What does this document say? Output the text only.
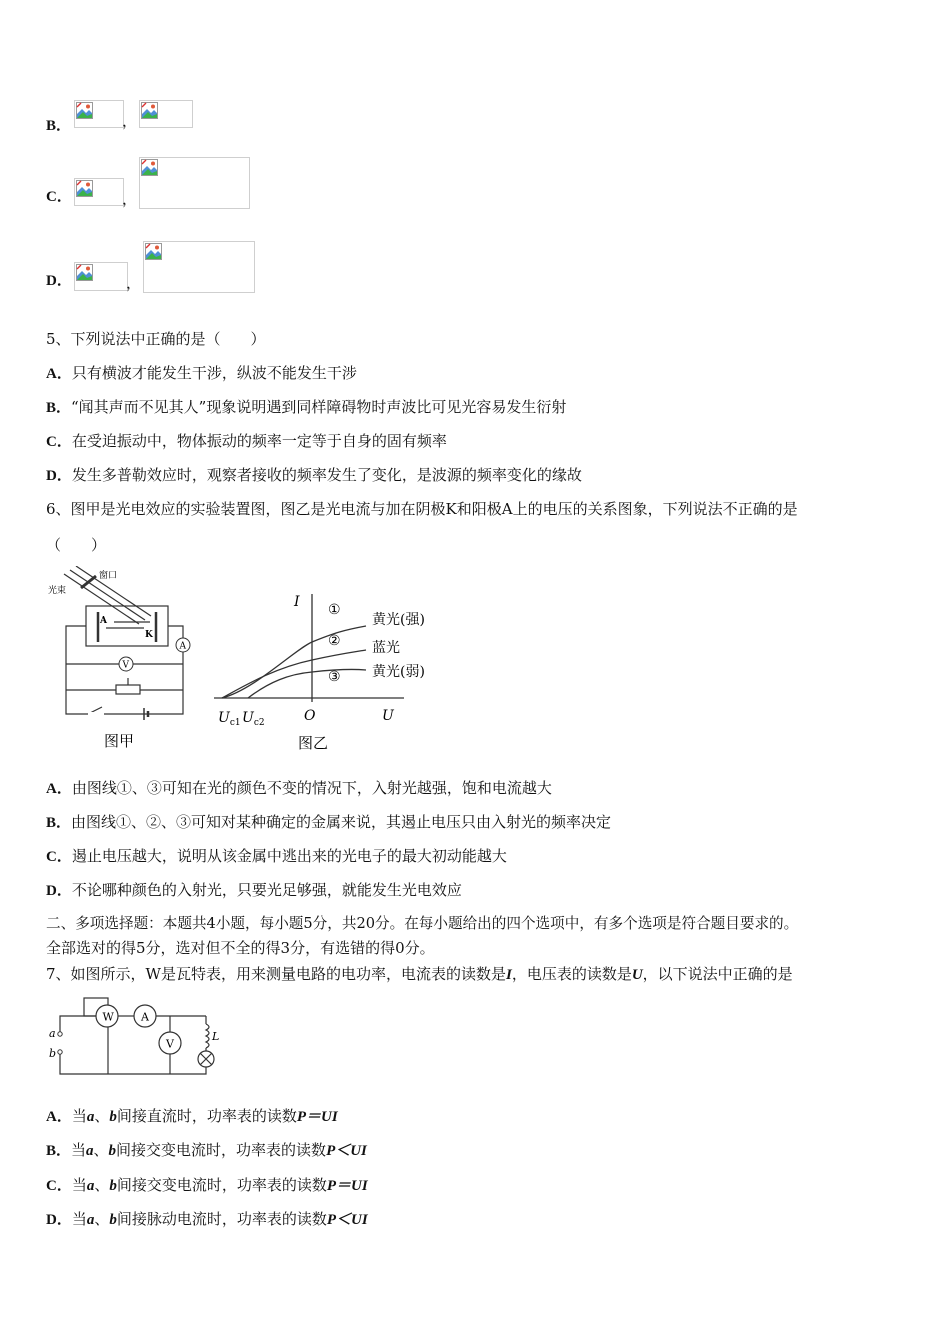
B．	，
C．	，
D．	，
5、下列说法中正确的是（　　）
A．只有横波才能发生干涉，纵波不能发生干涉
B．“闻其声而不见其人”现象说明遇到同样障碍物时声波比可见光容易发生衍射
C．在受迫振动中，物体振动的频率一定等于自身的固有频率
D．发生多普勒效应时，观察者接收的频率发生了变化，是波源的频率变化的缘故
6、图甲是光电效应的实验装置图，图乙是光电流与加在阴极K和阳极A上的电压的关系图象，下列说法不正确的是
（　　）
光束
窗口
A
K
A
V
图甲
I
U
O
$U_{c1}$ $U_{c2}$
①
②
③
黄光(强)
蓝光
黄光(弱)
图乙
A．由图线①、③可知在光的颜色不变的情况下，入射光越强，饱和电流越大
B．由图线①、②、③可知对某种确定的金属来说，其遏止电压只由入射光的频率决定
C．遏止电压越大，说明从该金属中逃出来的光电子的最大初动能越大
D．不论哪种颜色的入射光，只要光足够强，就能发生光电效应
二、多项选择题：本题共4小题，每小题5分，共20分。在每小题给出的四个选项中，有多个选项是符合题目要求的。
全部选对的得5分，选对但不全的得3分，有选错的得0分。
7、如图所示，W是瓦特表，用来测量电路的电功率，电流表的读数是I，电压表的读数是U，以下说法中正确的是
W A
V
L
a
b
A．当a、b间接直流时，功率表的读数P＝UI
B．当a、b间接交变电流时，功率表的读数P＜UI
C．当a、b间接交变电流时，功率表的读数P＝UI
D．当a、b间接脉动电流时，功率表的读数P＜UI
